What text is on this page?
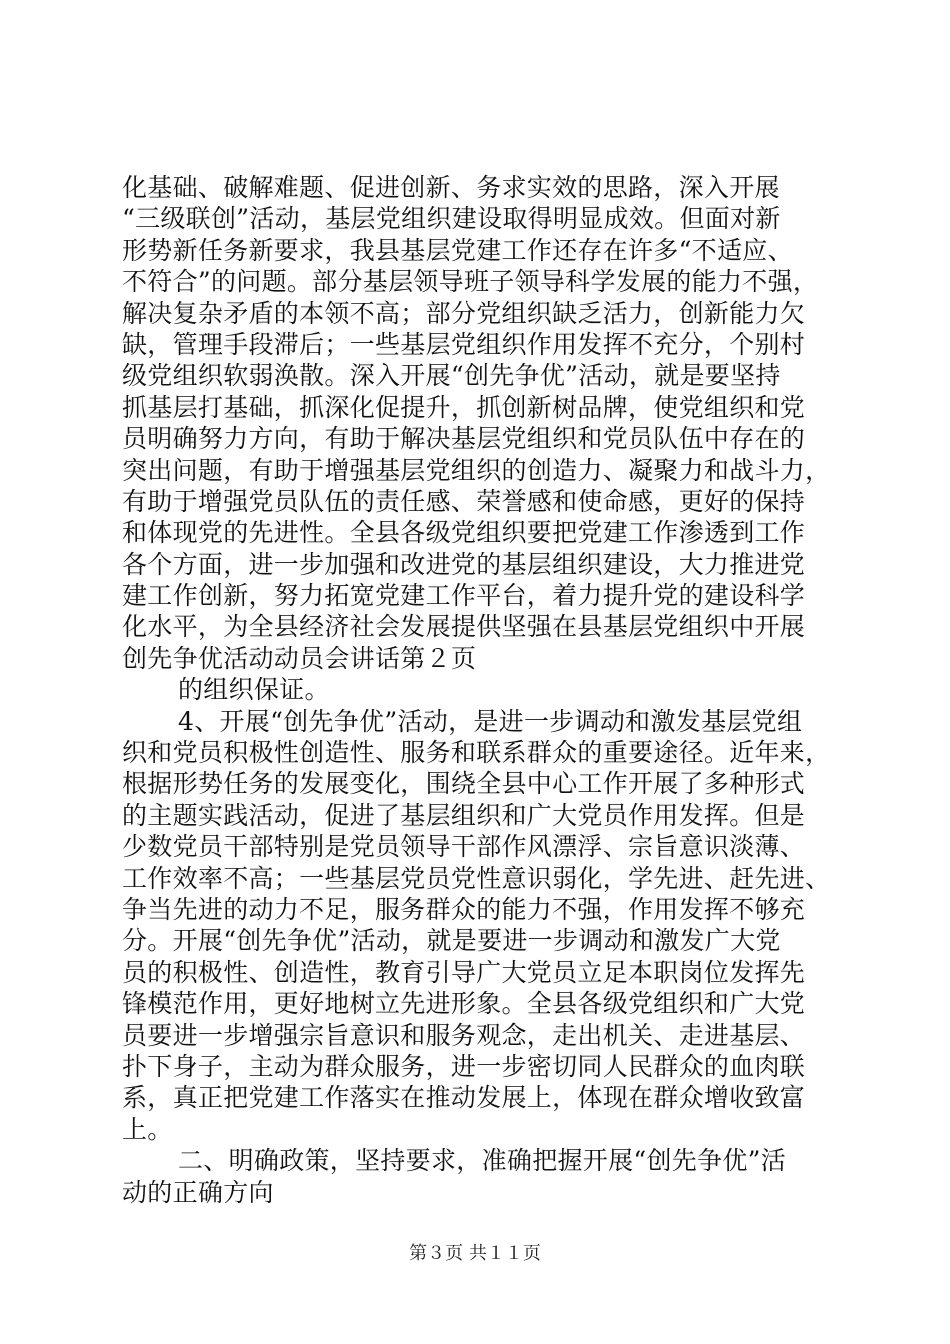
化基础、破解难题、促进创新、务求实效的思路，深入开展
“三级联创”活动，基层党组织建设取得明显成效。但面对新
形势新任务新要求，我县基层党建工作还存在许多“不适应、
不符合”的问题。部分基层领导班子领导科学发展的能力不强，
解决复杂矛盾的本领不高；部分党组织缺乏活力，创新能力欠
缺，管理手段滞后；一些基层党组织作用发挥不充分，个别村
级党组织软弱涣散。深入开展“创先争优”活动，就是要坚持
抓基层打基础，抓深化促提升，抓创新树品牌，使党组织和党
员明确努力方向，有助于解决基层党组织和党员队伍中存在的
突出问题，有助于增强基层党组织的创造力、凝聚力和战斗力，
有助于增强党员队伍的责任感、荣誉感和使命感，更好的保持
和体现党的先进性。全县各级党组织要把党建工作渗透到工作
各个方面，进一步加强和改进党的基层组织建设，大力推进党
建工作创新，努力拓宽党建工作平台，着力提升党的建设科学
化水平，为全县经济社会发展提供坚强在县基层党组织中开展
创先争优活动动员会讲话第２页
的组织保证。
4、开展“创先争优”活动，是进一步调动和激发基层党组
织和党员积极性创造性、服务和联系群众的重要途径。近年来，
根据形势任务的发展变化，围绕全县中心工作开展了多种形式
的主题实践活动，促进了基层组织和广大党员作用发挥。但是
少数党员干部特别是党员领导干部作风漂浮、宗旨意识淡薄、
工作效率不高；一些基层党员党性意识弱化，学先进、赶先进、
争当先进的动力不足，服务群众的能力不强，作用发挥不够充
分。开展“创先争优”活动，就是要进一步调动和激发广大党
员的积极性、创造性，教育引导广大党员立足本职岗位发挥先
锋模范作用，更好地树立先进形象。全县各级党组织和广大党
员要进一步增强宗旨意识和服务观念，走出机关、走进基层、
扑下身子，主动为群众服务，进一步密切同人民群众的血肉联
系，真正把党建工作落实在推动发展上，体现在群众增收致富
上。
二、明确政策，坚持要求，准确把握开展“创先争优”活
动的正确方向
第３页 共１１页
